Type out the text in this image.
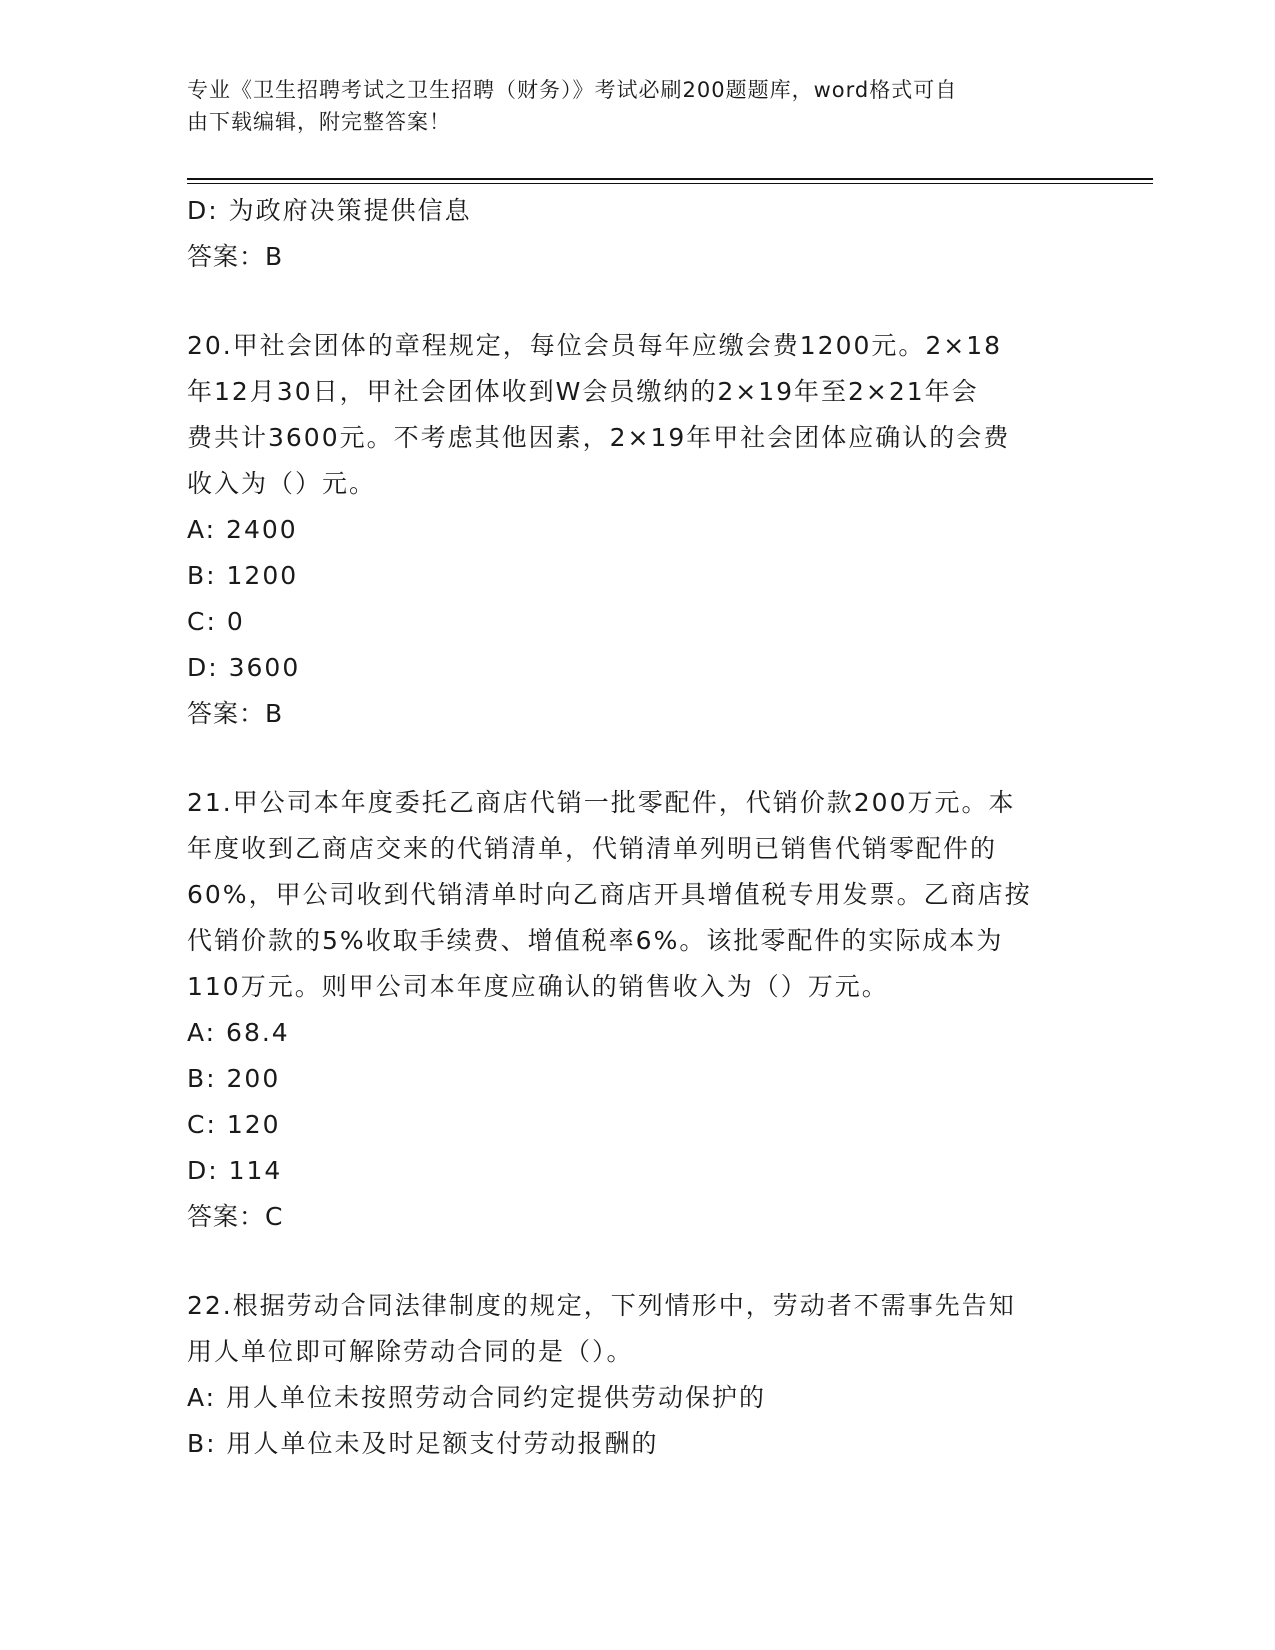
专业《卫生招聘考试之卫生招聘（财务）》考试必刷200题题库，word格式可自
由下载编辑，附完整答案！
D: 为政府决策提供信息
答案：B
20.甲社会团体的章程规定，每位会员每年应缴会费1200元。2×18
年12月30日，甲社会团体收到W会员缴纳的2×19年至2×21年会
费共计3600元。不考虑其他因素，2×19年甲社会团体应确认的会费
收入为（）元。
A: 2400
B: 1200
C: 0
D: 3600
答案：B
21.甲公司本年度委托乙商店代销一批零配件，代销价款200万元。本
年度收到乙商店交来的代销清单，代销清单列明已销售代销零配件的
60%，甲公司收到代销清单时向乙商店开具增值税专用发票。乙商店按
代销价款的5%收取手续费、增值税率6%。该批零配件的实际成本为
110万元。则甲公司本年度应确认的销售收入为（）万元。
A: 68.4
B: 200
C: 120
D: 114
答案：C
22.根据劳动合同法律制度的规定，下列情形中，劳动者不需事先告知
用人单位即可解除劳动合同的是（）。
A: 用人单位未按照劳动合同约定提供劳动保护的
B: 用人单位未及时足额支付劳动报酬的
